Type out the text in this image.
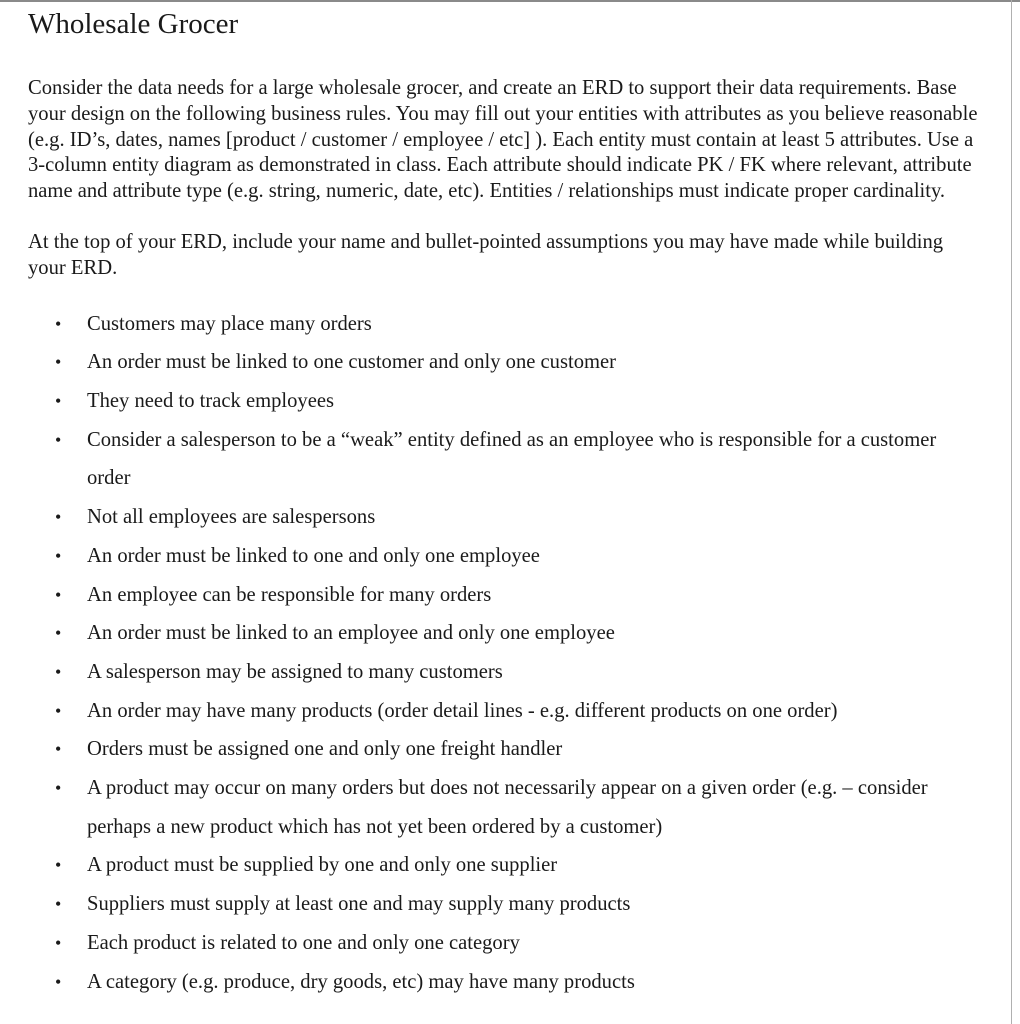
Wholesale Grocer

Consider the data needs for a large wholesale grocer, and create an ERD to support their data requirements. Base your design on the following business rules. You may fill out your entities with attributes as you believe reasonable (e.g. ID’s, dates, names [product / customer / employee / etc] ). Each entity must contain at least 5 attributes. Use a 3-column entity diagram as demonstrated in class. Each attribute should indicate PK / FK where relevant, attribute name and attribute type (e.g. string, numeric, date, etc). Entities / relationships must indicate proper cardinality.

At the top of your ERD, include your name and bullet-pointed assumptions you may have made while building your ERD.

• Customers may place many orders
• An order must be linked to one customer and only one customer
• They need to track employees
• Consider a salesperson to be a “weak” entity defined as an employee who is responsible for a customer order
• Not all employees are salespersons
• An order must be linked to one and only one employee
• An employee can be responsible for many orders
• An order must be linked to an employee and only one employee
• A salesperson may be assigned to many customers
• An order may have many products (order detail lines - e.g. different products on one order)
• Orders must be assigned one and only one freight handler
• A product may occur on many orders but does not necessarily appear on a given order (e.g. – consider perhaps a new product which has not yet been ordered by a customer)
• A product must be supplied by one and only one supplier
• Suppliers must supply at least one and may supply many products
• Each product is related to one and only one category
• A category (e.g. produce, dry goods, etc) may have many products
